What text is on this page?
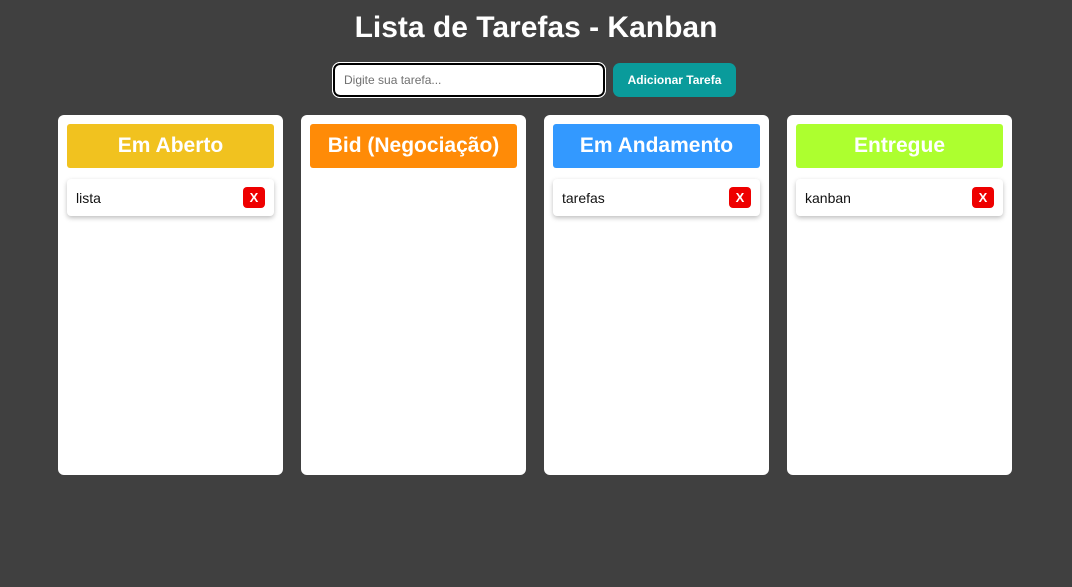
Lista de Tarefas - Kanban
Digite sua tarefa...
Adicionar Tarefa
Em Aberto
lista	X
Bid (Negociação)	Em Andamento
tarefas	X
Entregue
kanban	X
